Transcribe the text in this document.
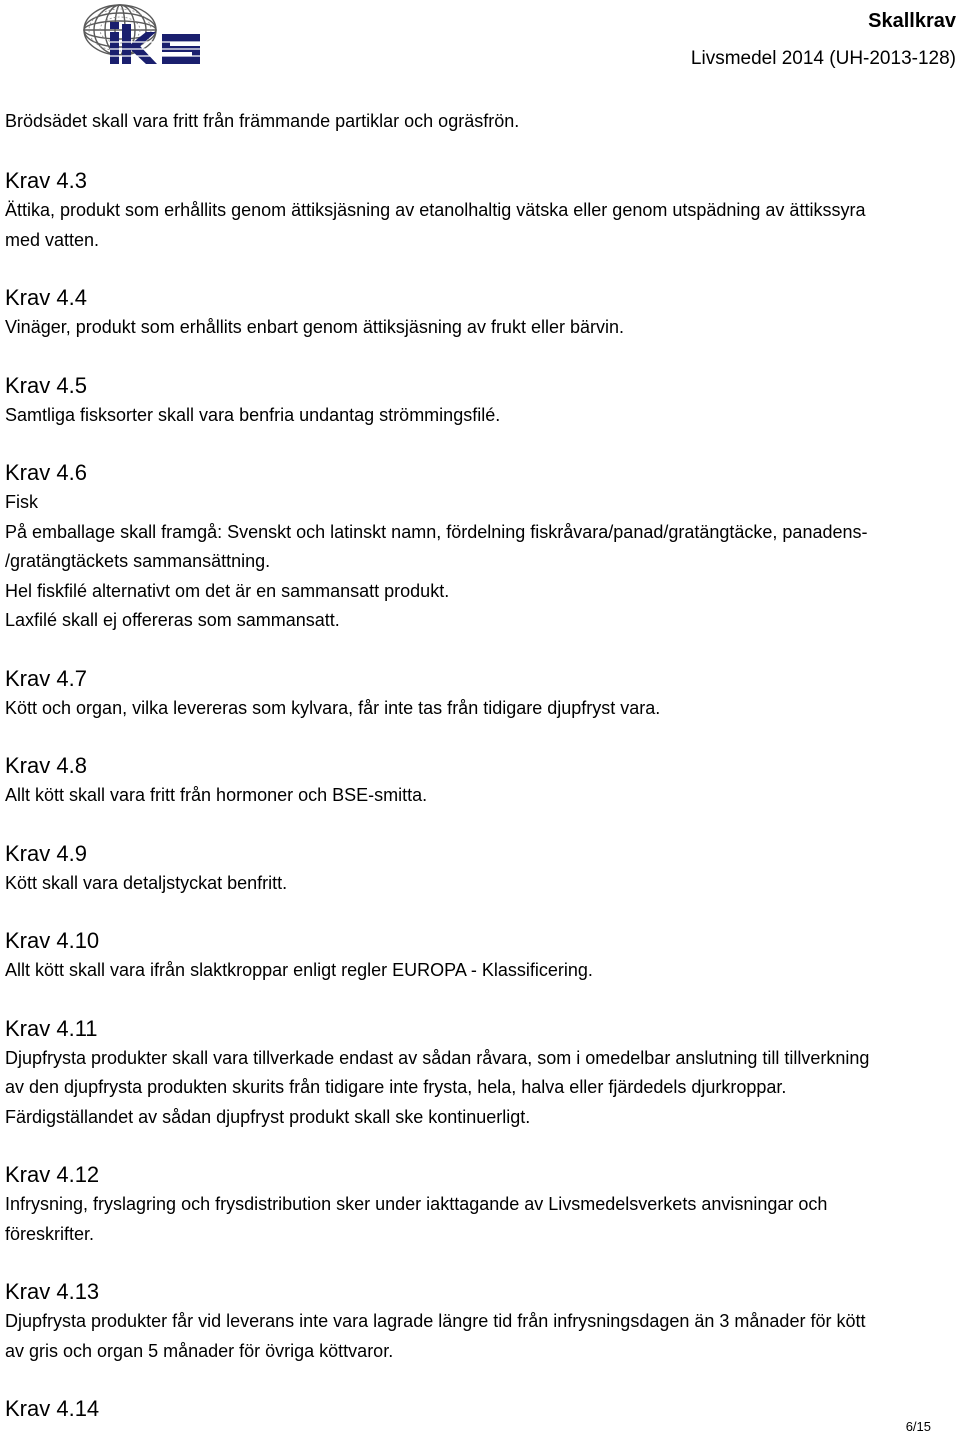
Skallkrav
Livsmedel 2014 (UH-2013-128)

Brödsädet skall vara fritt från främmande partiklar och ogräsfrön.

Krav 4.3

Ättika, produkt som erhållits genom ättiksjäsning av etanolhaltig vätska eller genom utspädning av ättikssyra

med vatten.

Krav 4.4

Vinäger, produkt som erhållits enbart genom ättiksjäsning av frukt eller bärvin.

Krav 4.5

Samtliga fisksorter skall vara benfria undantag strömmingsfilé.

Krav 4.6

Fisk

På emballage skall framgå: Svenskt och latinskt namn, fördelning fiskråvara/panad/gratängtäcke, panadens-

/gratängtäckets sammansättning.

Hel fiskfilé alternativt om det är en sammansatt produkt.

Laxfilé skall ej offereras som sammansatt.

Krav 4.7

Kött och organ, vilka levereras som kylvara, får inte tas från tidigare djupfryst vara.

Krav 4.8

Allt kött skall vara fritt från hormoner och BSE-smitta.

Krav 4.9

Kött skall vara detaljstyckat benfritt.

Krav 4.10

Allt kött skall vara ifrån slaktkroppar enligt regler EUROPA - Klassificering.

Krav 4.11

Djupfrysta produkter skall vara tillverkade endast av sådan råvara, som i omedelbar anslutning till tillverkning

av den djupfrysta produkten skurits från tidigare inte frysta, hela, halva eller fjärdedels djurkroppar.

Färdigställandet av sådan djupfryst produkt skall ske kontinuerligt.

Krav 4.12

Infrysning, fryslagring och frysdistribution sker under iakttagande av Livsmedelsverkets anvisningar och

föreskrifter.

Krav 4.13

Djupfrysta produkter får vid leverans inte vara lagrade längre tid från infrysningsdagen än 3 månader för kött

av gris och organ 5 månader för övriga köttvaror.

Krav 4.14

6/15
